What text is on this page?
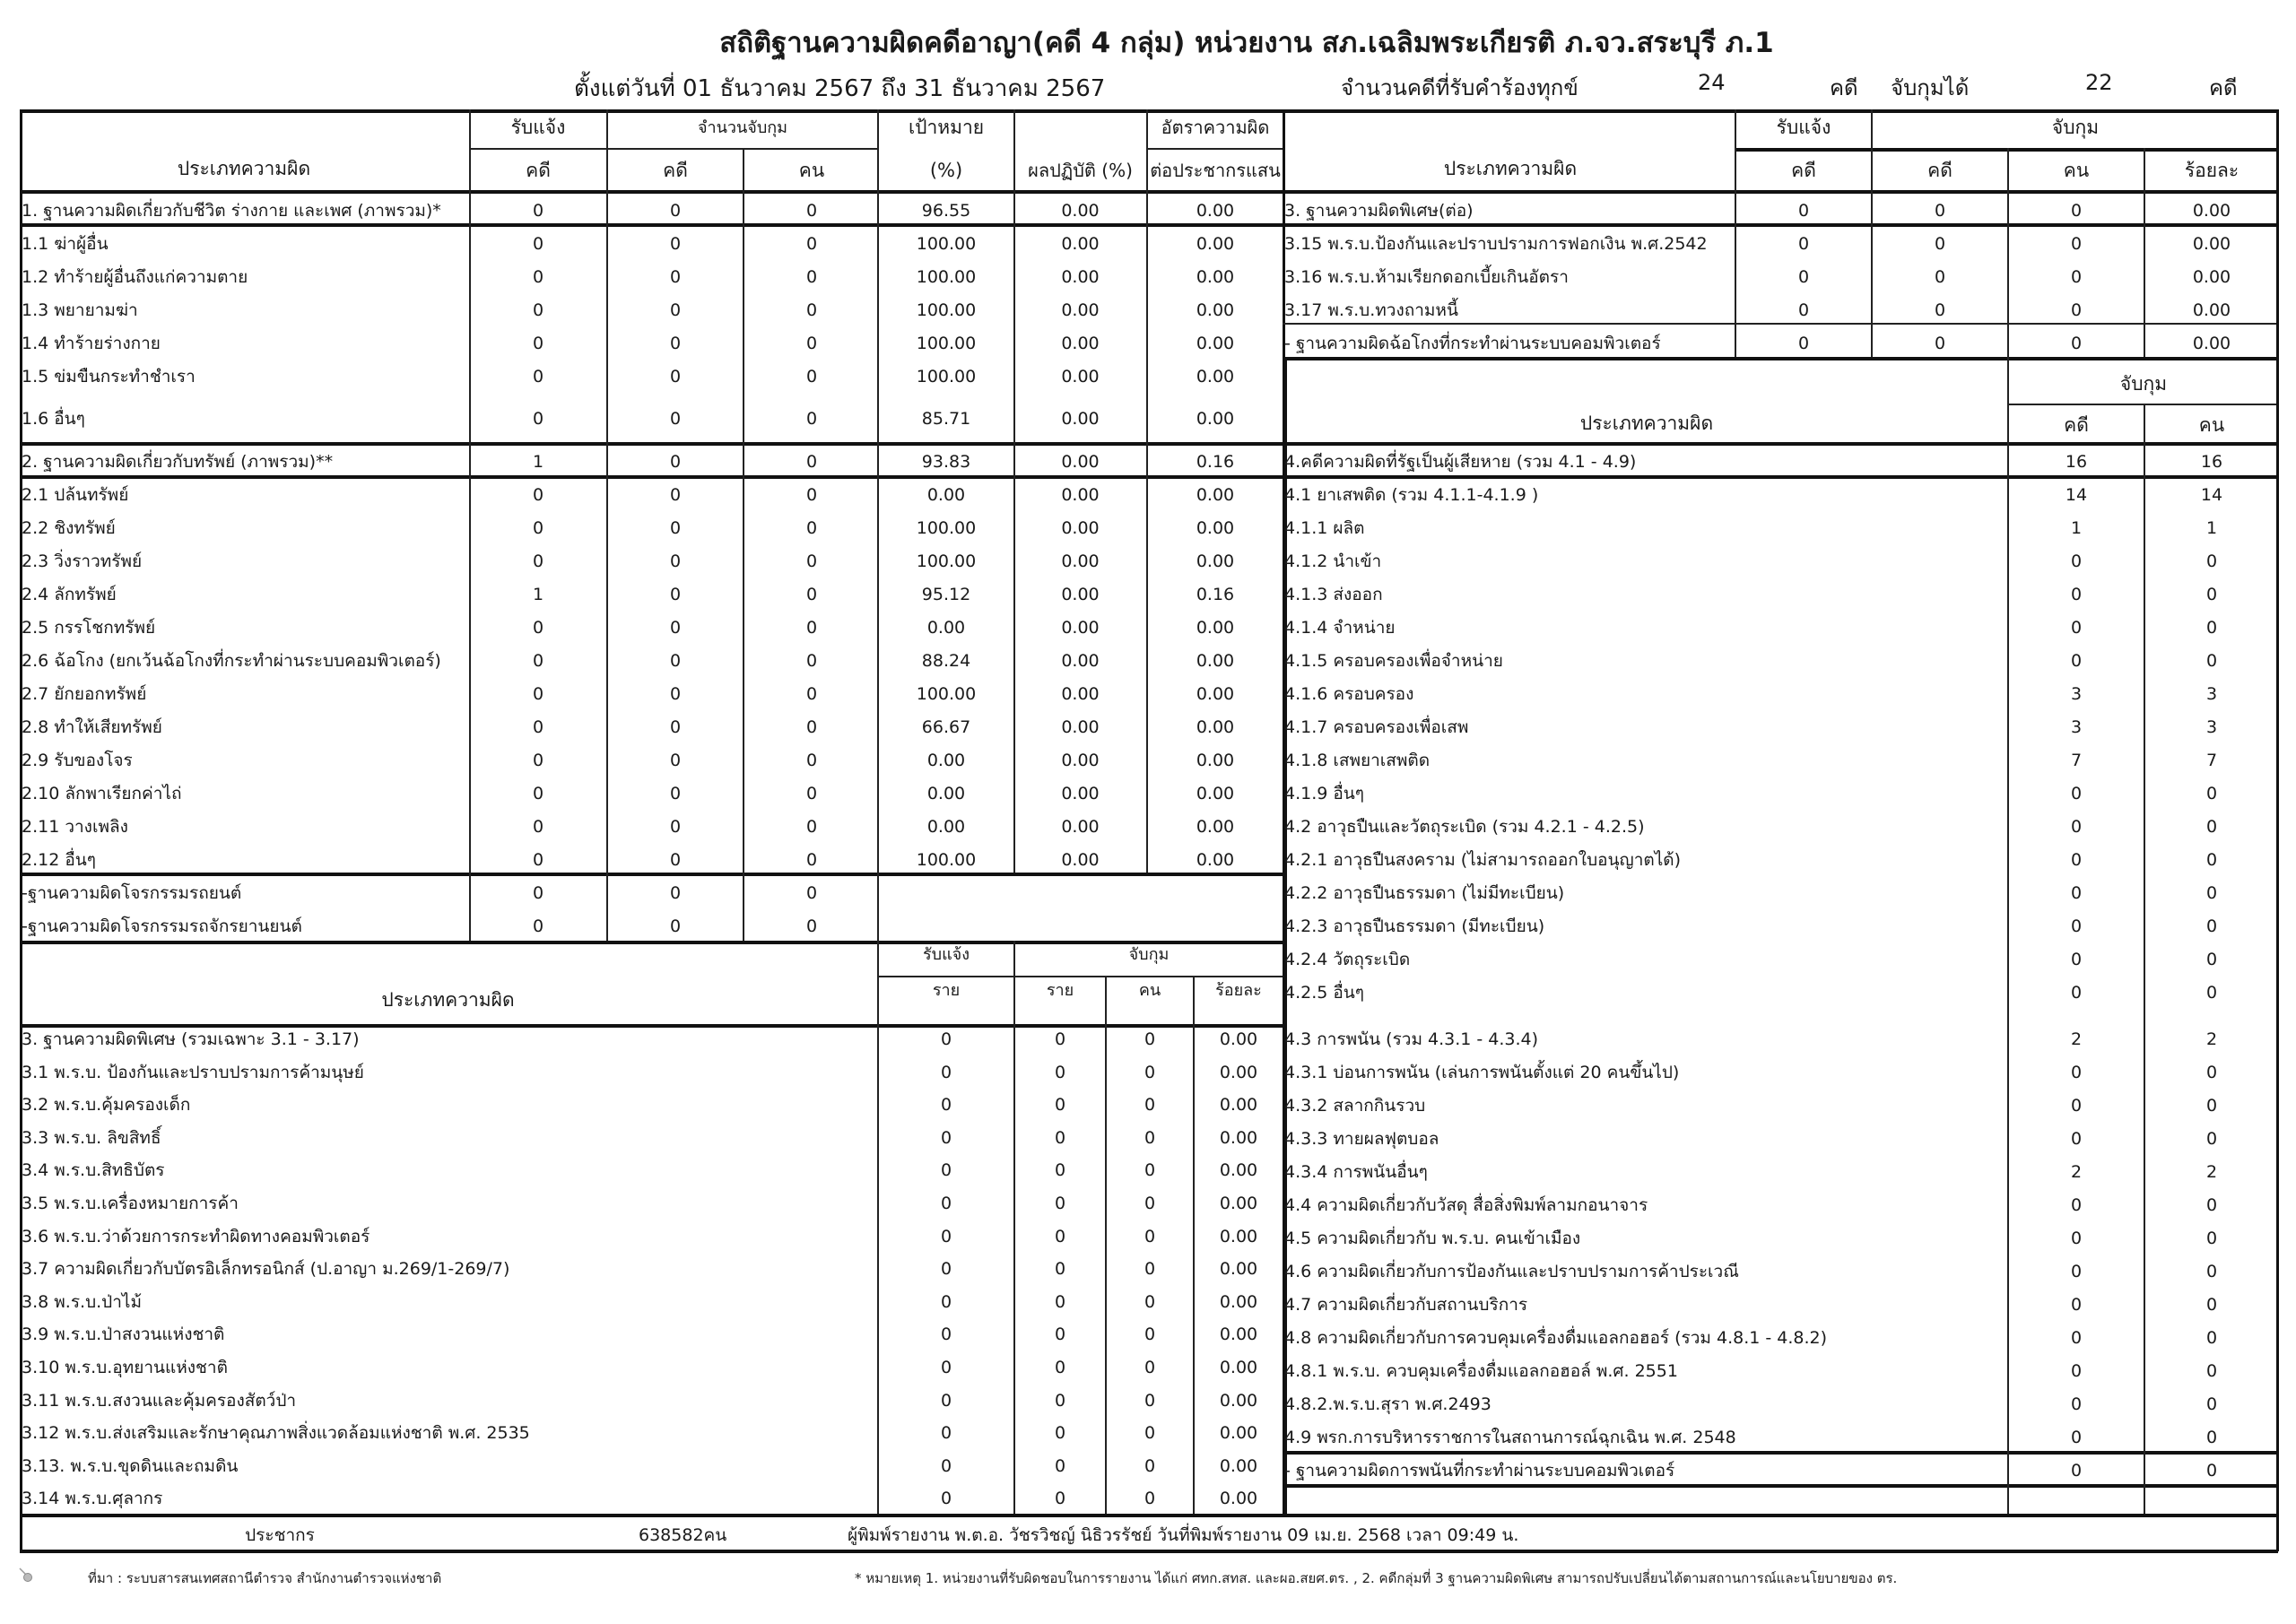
สถิติฐานความผิดคดีอาญา(คดี 4 กลุ่ม) หน่วยงาน สภ.เฉลิมพระเกียรติ ภ.จว.สระบุรี ภ.1
ตั้งแต่วันที่ 01 ธันวาคม 2567 ถึง 31 ธันวาคม 2567	จำนวนคดีที่รับคำร้องทุกข์	24	คดี จับกุมได้	22	คดี
ประเภทความผิด
รับแจ้ง	จำนวนจับกุม	เป้าหมาย
คดี	คดี	คน	(%)	ผลปฏิบัติ (%)
อัตราความผิด
ต่อประชากรแสน
1. ฐานความผิดเกี่ยวกับชีวิต ร่างกาย และเพศ (ภาพรวม)*	0	0	0	96.55	0.00	0.00
1.1 ฆ่าผู้อื่น	0	0	0	100.00	0.00	0.00
1.2 ทำร้ายผู้อื่นถึงแก่ความตาย	0	0	0	100.00	0.00	0.00
1.3 พยายามฆ่า	0	0	0	100.00	0.00	0.00
1.4 ทำร้ายร่างกาย	0	0	0	100.00	0.00	0.00
1.5 ข่มขืนกระทำชำเรา	0	0	0	100.00	0.00	0.00
1.6 อื่นๆ	0	0	0	85.71	0.00	0.00
2. ฐานความผิดเกี่ยวกับทรัพย์ (ภาพรวม)**	1	0	0	93.83	0.00	0.16
2.1 ปล้นทรัพย์	0	0	0	0.00	0.00	0.00
2.2 ชิงทรัพย์	0	0	0	100.00	0.00	0.00
2.3 วิ่งราวทรัพย์	0	0	0	100.00	0.00	0.00
2.4 ลักทรัพย์	1	0	0	95.12	0.00	0.16
2.5 กรรโชกทรัพย์	0	0	0	0.00	0.00	0.00
2.6 ฉ้อโกง (ยกเว้นฉ้อโกงที่กระทำผ่านระบบคอมพิวเตอร์)	0	0	0	88.24	0.00	0.00
2.7 ยักยอกทรัพย์	0	0	0	100.00	0.00	0.00
2.8 ทำให้เสียทรัพย์	0	0	0	66.67	0.00	0.00
2.9 รับของโจร	0	0	0	0.00	0.00	0.00
2.10 ลักพาเรียกค่าไถ่	0	0	0	0.00	0.00	0.00
2.11 วางเพลิง	0	0	0	0.00	0.00	0.00
2.12 อื่นๆ	0	0	0	100.00	0.00	0.00
-ฐานความผิดโจรกรรมรถยนต์	0	0	0
-ฐานความผิดโจรกรรมรถจักรยานยนต์	0	0	0
ประเภทความผิด
รับแจ้ง	จับกุม
ราย	ราย	คน	ร้อยละ
3. ฐานความผิดพิเศษ (รวมเฉพาะ 3.1 - 3.17)	0	0	0	0.00
3.1 พ.ร.บ. ป้องกันและปราบปรามการค้ามนุษย์	0	0	0	0.00
3.2 พ.ร.บ.คุ้มครองเด็ก	0	0	0	0.00
3.3 พ.ร.บ. ลิขสิทธิ์	0	0	0	0.00
3.4 พ.ร.บ.สิทธิบัตร	0	0	0	0.00
3.5 พ.ร.บ.เครื่องหมายการค้า	0	0	0	0.00
3.6 พ.ร.บ.ว่าด้วยการกระทำผิดทางคอมพิวเตอร์	0	0	0	0.00
3.7 ความผิดเกี่ยวกับบัตรอิเล็กทรอนิกส์ (ป.อาญา ม.269/1-269/7)	0	0	0	0.00
3.8 พ.ร.บ.ป่าไม้	0	0	0	0.00
3.9 พ.ร.บ.ป่าสงวนแห่งชาติ	0	0	0	0.00
3.10 พ.ร.บ.อุทยานแห่งชาติ	0	0	0	0.00
3.11 พ.ร.บ.สงวนและคุ้มครองสัตว์ป่า	0	0	0	0.00
3.12 พ.ร.บ.ส่งเสริมและรักษาคุณภาพสิ่งแวดล้อมแห่งชาติ พ.ศ. 2535	0	0	0	0.00
3.13. พ.ร.บ.ขุดดินและถมดิน	0	0	0	0.00
3.14 พ.ร.บ.ศุลากร	0	0	0	0.00
ประเภทความผิด
รับแจ้ง	จับกุม
คดี	คดี	คน	ร้อยละ
3. ฐานความผิดพิเศษ(ต่อ)	0	0	0	0.00
3.15 พ.ร.บ.ป้องกันและปราบปรามการฟอกเงิน พ.ศ.2542	0	0	0	0.00
3.16 พ.ร.บ.ห้ามเรียกดอกเบี้ยเกินอัตรา	0	0	0	0.00
3.17 พ.ร.บ.ทวงถามหนี้	0	0	0	0.00
- ฐานความผิดฉ้อโกงที่กระทำผ่านระบบคอมพิวเตอร์	0	0	0	0.00
ประเภทความผิด
จับกุม
คดี	คน
4.คดีความผิดที่รัฐเป็นผู้เสียหาย (รวม 4.1 - 4.9)	16	16
4.1 ยาเสพติด (รวม 4.1.1-4.1.9 )	14	14
4.1.1 ผลิต	1	1
4.1.2 นำเข้า	0	0
4.1.3 ส่งออก	0	0
4.1.4 จำหน่าย	0	0
4.1.5 ครอบครองเพื่อจำหน่าย	0	0
4.1.6 ครอบครอง	3	3
4.1.7 ครอบครองเพื่อเสพ	3	3
4.1.8 เสพยาเสพติด	7	7
4.1.9 อื่นๆ	0	0
4.2 อาวุธปืนและวัตถุระเบิด (รวม 4.2.1 - 4.2.5)	0	0
4.2.1 อาวุธปืนสงคราม (ไม่สามารถออกใบอนุญาตได้)	0	0
4.2.2 อาวุธปืนธรรมดา (ไม่มีทะเบียน)	0	0
4.2.3 อาวุธปืนธรรมดา (มีทะเบียน)	0	0
4.2.4 วัตถุระเบิด	0	0
4.2.5 อื่นๆ	0	0
4.3 การพนัน (รวม 4.3.1 - 4.3.4)	2	2
4.3.1 บ่อนการพนัน (เล่นการพนันตั้งแต่ 20 คนขึ้นไป)	0	0
4.3.2 สลากกินรวบ	0	0
4.3.3 ทายผลฟุตบอล	0	0
4.3.4 การพนันอื่นๆ	2	2
4.4 ความผิดเกี่ยวกับวัสดุ สื่อสิ่งพิมพ์ลามกอนาจาร	0	0
4.5 ความผิดเกี่ยวกับ พ.ร.บ. คนเข้าเมือง	0	0
4.6 ความผิดเกี่ยวกับการป้องกันและปราบปรามการค้าประเวณี	0	0
4.7 ความผิดเกี่ยวกับสถานบริการ	0	0
4.8 ความผิดเกี่ยวกับการควบคุมเครื่องดื่มแอลกอฮอร์ (รวม 4.8.1 - 4.8.2)	0	0
4.8.1 พ.ร.บ. ควบคุมเครื่องดื่มแอลกอฮอล์ พ.ศ. 2551	0	0
4.8.2.พ.ร.บ.สุรา พ.ศ.2493	0	0
4.9 พรก.การบริหารราชการในสถานการณ์ฉุกเฉิน พ.ศ. 2548	0	0
- ฐานความผิดการพนันที่กระทำผ่านระบบคอมพิวเตอร์	0	0
ประชากร	638582คน	ผู้พิมพ์รายงาน พ.ต.อ. วัชรวิชญ์ นิธิวรรัชย์ วันที่พิมพ์รายงาน 09 เม.ย. 2568 เวลา 09:49 น.
ที่มา : ระบบสารสนเทศสถานีตำรวจ สำนักงานตำรวจแห่งชาติ	* หมายเหตุ 1. หน่วยงานที่รับผิดชอบในการรายงาน ได้แก่ ศทก.สทส. และผอ.สยศ.ตร. , 2. คดีกลุ่มที่ 3 ฐานความผิดพิเศษ สามารถปรับเปลี่ยนได้ตามสถานการณ์และนโยบายของ ตร.
